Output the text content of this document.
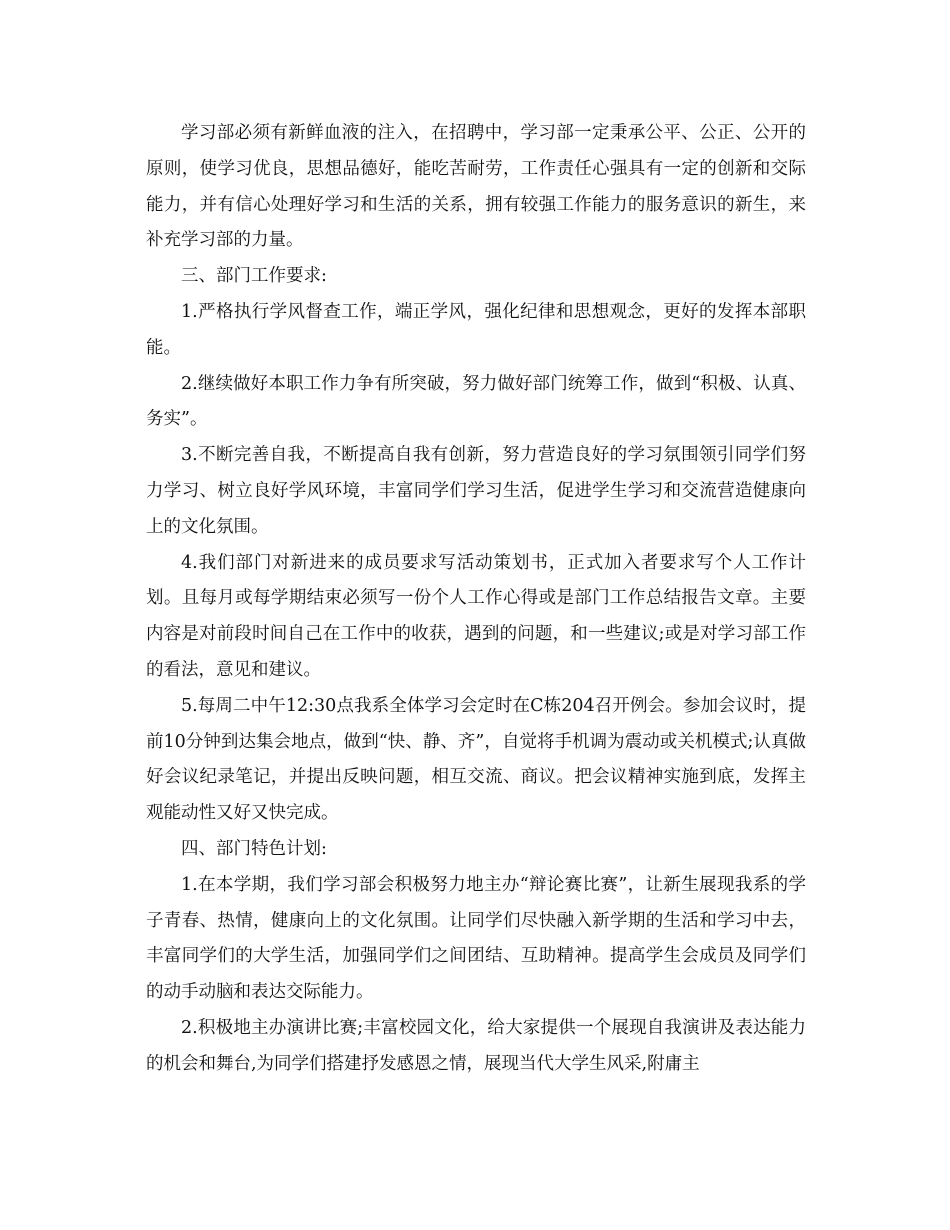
学习部必须有新鲜血液的注入，在招聘中，学习部一定秉承公平、公正、公开的原则，使学习优良，思想品德好，能吃苦耐劳，工作责任心强具有一定的创新和交际能力，并有信心处理好学习和生活的关系，拥有较强工作能力的服务意识的新生，来补充学习部的力量。

三、部门工作要求:

1.严格执行学风督查工作，端正学风，强化纪律和思想观念，更好的发挥本部职能。

2.继续做好本职工作力争有所突破，努力做好部门统筹工作，做到“积极、认真、务实”。

3.不断完善自我，不断提高自我有创新，努力营造良好的学习氛围领引同学们努力学习、树立良好学风环境，丰富同学们学习生活，促进学生学习和交流营造健康向上的文化氛围。

4.我们部门对新进来的成员要求写活动策划书，正式加入者要求写个人工作计划。且每月或每学期结束必须写一份个人工作心得或是部门工作总结报告文章。主要内容是对前段时间自己在工作中的收获，遇到的问题，和一些建议;或是对学习部工作的看法，意见和建议。

5.每周二中午12:30点我系全体学习会定时在C栋204召开例会。参加会议时，提前10分钟到达集会地点，做到“快、静、齐”，自觉将手机调为震动或关机模式;认真做好会议纪录笔记，并提出反映问题，相互交流、商议。把会议精神实施到底，发挥主观能动性又好又快完成。

四、部门特色计划:

1.在本学期，我们学习部会积极努力地主办“辩论赛比赛”，让新生展现我系的学子青春、热情，健康向上的文化氛围。让同学们尽快融入新学期的生活和学习中去，丰富同学们的大学生活，加强同学们之间团结、互助精神。提高学生会成员及同学们的动手动脑和表达交际能力。

2.积极地主办演讲比赛;丰富校园文化，给大家提供一个展现自我演讲及表达能力的机会和舞台,为同学们搭建抒发感恩之情，展现当代大学生风采,附庸主
